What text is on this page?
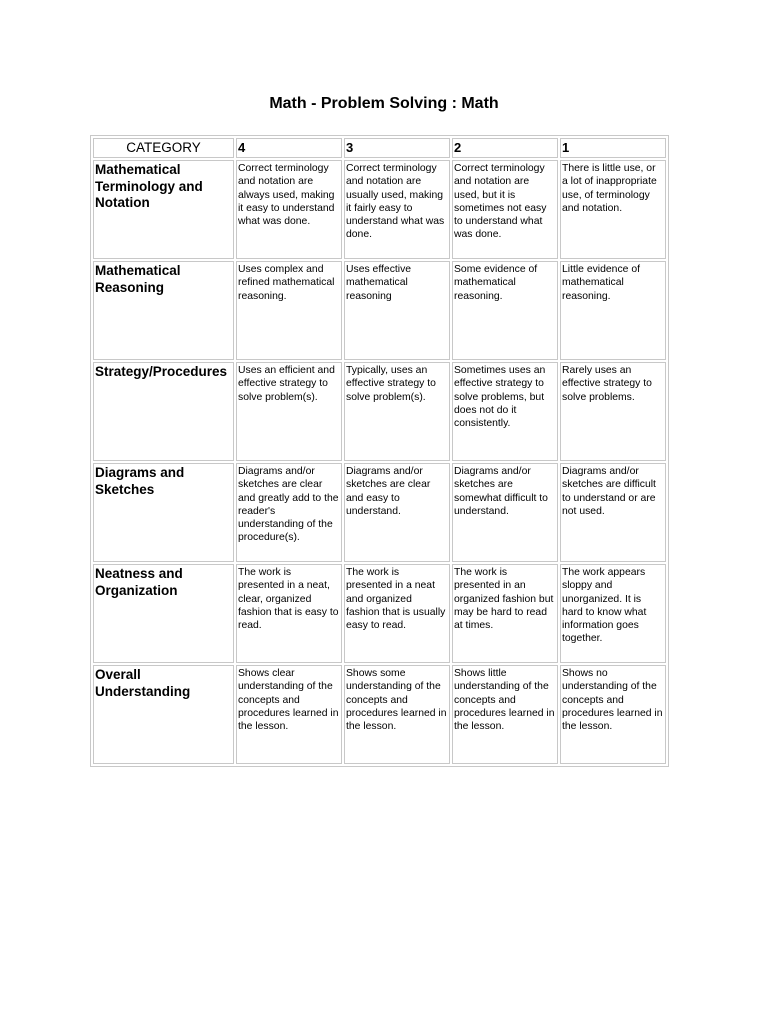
Math - Problem Solving : Math
CATEGORY	4	3	2	1
Mathematical Terminology and Notation	Correct terminology and notation are always used, making it easy to understand what was done.	Correct terminology and notation are usually used, making it fairly easy to understand what was done.	Correct terminology and notation are used, but it is sometimes not easy to understand what was done.	There is little use, or a lot of inappropriate use, of terminology and notation.
Mathematical Reasoning	Uses complex and refined mathematical reasoning.	Uses effective mathematical reasoning	Some evidence of mathematical reasoning.	Little evidence of mathematical reasoning.
Strategy/Procedures	Uses an efficient and effective strategy to solve problem(s).	Typically, uses an effective strategy to solve problem(s).	Sometimes uses an effective strategy to solve problems, but does not do it consistently.	Rarely uses an effective strategy to solve problems.
Diagrams and Sketches	Diagrams and/or sketches are clear and greatly add to the reader's understanding of the procedure(s).	Diagrams and/or sketches are clear and easy to understand.	Diagrams and/or sketches are somewhat difficult to understand.	Diagrams and/or sketches are difficult to understand or are not used.
Neatness and Organization	The work is presented in a neat, clear, organized fashion that is easy to read.	The work is presented in a neat and organized fashion that is usually easy to read.	The work is presented in an organized fashion but may be hard to read at times.	The work appears sloppy and unorganized. It is hard to know what information goes together.
Overall Understanding	Shows clear understanding of the concepts and procedures learned in the lesson.	Shows some understanding of the concepts and procedures learned in the lesson.	Shows little understanding of the concepts and procedures learned in the lesson.	Shows no understanding of the concepts and procedures learned in the lesson.
